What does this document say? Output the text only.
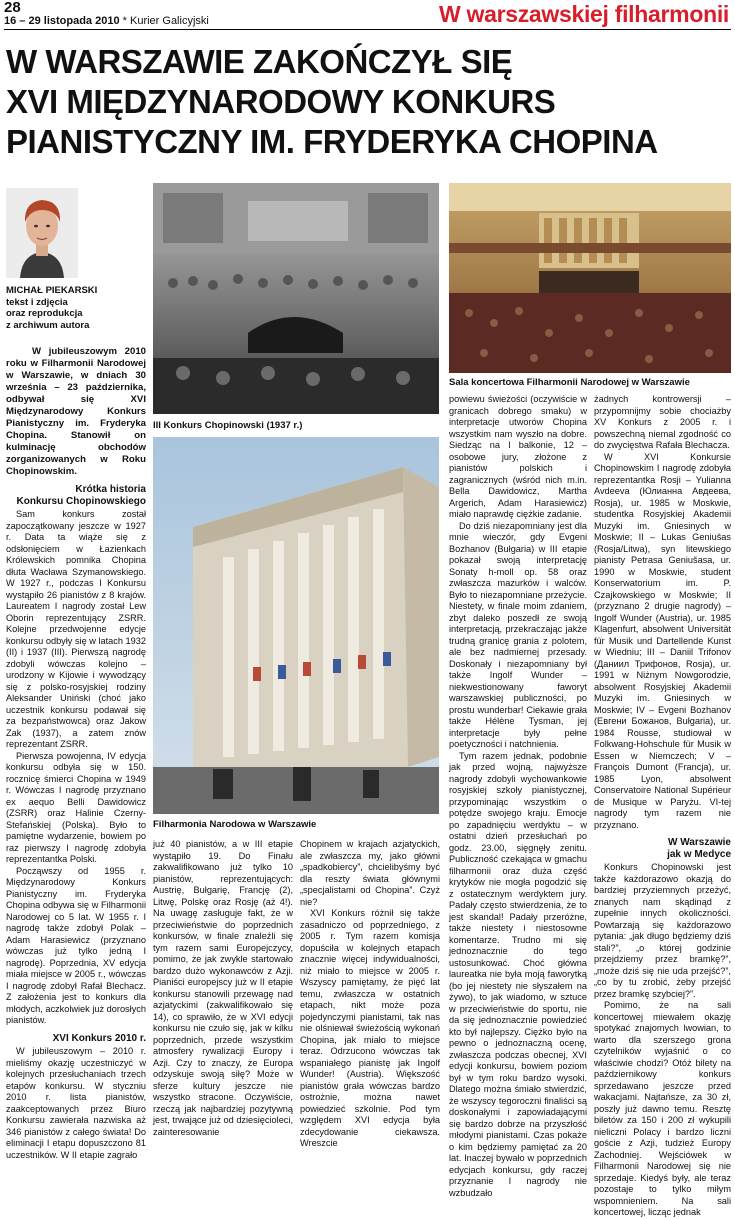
28
16 – 29 listopada 2010 * Kurier Galicyjski	W warszawskiej filharmonii
W WARSZAWIE ZAKOŃCZYŁ SIĘ
XVI MIĘDZYNARODOWY KONKURS
PIANISTYCZNY IM. FRYDERYKA CHOPINA
MICHAŁ PIEKARSKI
tekst i zdjęcia
oraz reprodukcja
z archiwum autora
W jubileuszowym 2010 roku w Filharmonii Narodowej w Warszawie, w dniach 30 września – 23 października, odbywał się XVI Międzynarodowy Konkurs Pianistyczny im. Fryderyka Chopina. Stanowił on kulminację obchodów zorganizowanych w Roku Chopinowskim.
III Konkurs Chopinowski (1937 r.)
Sala koncertowa Filharmonii Narodowej w Warszawie
Filharmonia Narodowa w Warszawie
Krótka historia
Konkursu Chopinowskiego

Sam konkurs został zapoczątkowany jeszcze w 1927 r. Data ta wiąże się z odsłonięciem w Łazienkach Królewskich pomnika Chopina dłuta Wacława Szymanowskiego. W 1927 r., podczas I Konkursu wystąpiło 26 pianistów z 8 krajów. Laureatem I nagrody został Lew Oborin reprezentujący ZSRR. Kolejne przedwojenne edycje konkursu odbyły się w latach 1932 (II) i 1937 (III). Pierwszą nagrodę zdobyli wówczas kolejno – urodzony w Kijowie i wywodzący się z polsko-rosyjskiej rodziny Aleksander Uniński (choć jako uczestnik konkursu podawał się za bezpaństwowca) oraz Jakow Zak (1937), a zatem znów reprezentant ZSRR.

Pierwsza powojenna, IV edycja konkursu odbyła się w 150. rocznicę śmierci Chopina w 1949 r. Wówczas I nagrodę przyznano ex aequo Belli Dawidowicz (ZSRR) oraz Halinie Czerny-Stefańskiej (Polska). Było to pamiętne wydarzenie, bowiem po raz pierwszy I nagrodę zdobyła reprezentantka Polski.

Począwszy od 1955 r. Międzynarodowy Konkurs Pianistyczny im. Fryderyka Chopina odbywa się w Filharmonii Narodowej co 5 lat. W 1955 r. I nagrodę także zdobył Polak – Adam Harasiewicz (przyznano wówczas już tylko jedną I nagrodę). Poprzednia, XV edycja miała miejsce w 2005 r., wówczas I nagrodę zdobył Rafał Blechacz. Z założenia jest to konkurs dla młodych, aczkolwiek już dorosłych pianistów.

XVI Konkurs 2010 r.

W jubileuszowym – 2010 r. mieliśmy okazję uczestniczyć w kolejnych przesłuchaniach trzech etapów konkursu. W styczniu 2010 r. lista pianistów, zaakceptowanych przez Biuro Konkursu zawierała nazwiska aż 346 pianistów z całego świata! Do eliminacji I etapu dopuszczono 81 uczestników. W II etapie zagrało

już 40 pianistów, a w III etapie wystąpiło 19. Do Finału zakwalifikowano już tylko 10 pianistów, reprezentujących: Austrię, Bułgarię, Francję (2), Litwę, Polskę oraz Rosję (aż 4!). Na uwagę zasługuje fakt, że w przeciwieństwie do poprzednich konkursów, w finale znaleźli się tym razem sami Europejczycy, pomimo, że jak zwykle startowało bardzo dużo wykonawców z Azji. Pianiści europejscy już w II etapie konkursu stanowili przewagę nad azjatyckimi (zakwalifikowało się 14), co sprawiło, że w XVI edycji konkursu nie czuło się, jak w kilku poprzednich, przede wszystkim atmosfery rywalizacji Europy i Azji. Czy to znaczy, że Europa odzyskuje swoją siłę? Może w sferze kultury jeszcze nie wszystko stracone. Oczywiście, rzeczą jak najbardziej pozytywną jest, trwające już od dziesięcioleci, zainteresowanie

Chopinem w krajach azjatyckich, ale zwłaszcza my, jako główni „spadkobiercy”, chcielibyśmy być dla reszty świata głównymi „specjalistami od Chopina”. Czyż nie?

XVI Konkurs różnił się także zasadniczo od poprzedniego, z 2005 r. Tym razem komisja dopuściła w kolejnych etapach znacznie więcej indywidualności, niż miało to miejsce w 2005 r. Wszyscy pamiętamy, że pięć lat temu, zwłaszcza w ostatnich etapach, nikt może poza pojedynczymi pianistami, tak nas nie olśniewał świeżością wykonań Chopina, jak miało to miejsce teraz. Odrzucono wówczas tak wspaniałego pianistę jak Ingolf Wunder! (Austria). Większość pianistów grała wówczas bardzo ostrożnie, można nawet powiedzieć szkolnie. Pod tym względem XVI edycja była zdecydowanie ciekawsza. Wreszcie

powiewu świeżości (oczywiście w granicach dobrego smaku) w interpretacje utworów Chopina wszystkim nam wyszło na dobre. Siedząc na I balkonie, 12 – osobowe jury, złożone z pianistów polskich i zagranicznych (wśród nich m.in. Bella Dawidowicz, Martha Argerich, Adam Harasiewicz) miało naprawdę ciężkie zadanie.

Do dziś niezapomniany jest dla mnie wieczór, gdy Evgeni Bozhanov (Bułgaria) w III etapie pokazał swoją interpretację Sonaty h-moll op. 58 oraz zwłaszcza mazurków i walców. Było to niezapomniane przeżycie. Niestety, w finale moim zdaniem, zbyt daleko poszedł ze swoją interpretacją, przekraczając jakże trudną granicę grania z polotem, ale bez nadmiernej przesady. Doskonały i niezapomniany był także Ingolf Wunder – niekwestionowany faworyt warszawskiej publiczności, po prostu wunderbar! Ciekawie grała także Hélène Tysman, jej interpretacje były pełne poetyczności i natchnienia.

Tym razem jednak, podobnie jak przed wojną, najwyższe nagrody zdobyli wychowankowie rosyjskiej szkoły pianistycznej, przypominając wszystkim o potędze swojego kraju. Emocje po zapadnięciu werdyktu – w ostatni dzień przesłuchań po godz. 23.00, sięgnęły zenitu. Publiczność czekająca w gmachu filharmonii oraz duża część krytyków nie mogła pogodzić się z ostatecznym werdyktem jury. Padały często stwierdzenia, że to jest skandal! Padały przeróżne, także niestety i niestosowne komentarze. Trudno mi się jednoznacznie do tego ustosunkować. Choć główna laureatka nie była moją faworytką (bo jej niestety nie słyszałem na żywo), to jak wiadomo, w sztuce w przeciwieństwie do sportu, nie da się jednoznacznie powiedzieć kto był najlepszy. Ciężko było na pewno o jednoznaczną ocenę, zwłaszcza podczas obecnej, XVI edycji konkursu, bowiem poziom był w tym roku bardzo wysoki. Dlatego można śmiało stwierdzić, że wszyscy tegoroczni finaliści są doskonałymi i zapowiadającymi się bardzo dobrze na przyszłość młodymi pianistami. Czas pokaże o kim będziemy pamiętać za 20 lat. Inaczej bywało w poprzednich edycjach konkursu, gdy raczej przyznanie I nagrody nie wzbudzało

żadnych kontrowersji – przypomnijmy sobie chociażby XV Konkurs z 2005 r. i powszechną niemal zgodność co do zwycięstwa Rafała Blechacza.

W XVI Konkursie Chopinowskim I nagrodę zdobyła reprezentantka Rosji – Yulianna Avdeeva (Юлианна Авдеева, Rosja), ur. 1985 w Moskwie, studentka Rosyjskiej Akademii Muzyki im. Gniesinych w Moskwie; II – Lukas Geniušas (Rosja/Litwa), syn litewskiego pianisty Petrasa Geniušasa, ur. 1990 w Moskwie, student Konserwatorium im. P. Czajkowskiego w Moskwie; II (przyznano 2 drugie nagrody) – Ingolf Wunder (Austria), ur. 1985 Klagenfurt, absolwent Universität für Musik und Dartellende Kunst w Wiedniu; III – Daniil Trifonov (Даниил Трифонов, Rosja), ur. 1991 w Niżnym Nowgorodzie, absolwent Rosyjskiej Akademii Muzyki im. Gniesinych w Moskwie; IV – Evgeni Bozhanov (Евгени Божанов, Bułgaria), ur. 1984 Rousse, studiował w Folkwang-Hohschule für Musik w Essen w Niemczech; V – François Dumont (Francja), ur. 1985 Lyon, absolwent Conservatoire National Supérieur de Musique w Paryżu. VI-tej nagrody tym razem nie przyznano.

W Warszawie
jak w Medyce

Konkurs Chopinowski jest także każdorazowo okazją do bardziej przyziemnych przeżyć, znanych nam skądinąd z zupełnie innych okoliczności. Powtarzają się każdorazowo pytania: „jak długo będziemy dziś stali?”, „o której godzinie przejdziemy przez bramkę?”, „może dziś się nie uda przejść?”, „co by tu zrobić, żeby przejść przez bramkę szybciej?”.

Pomimo, że na sali koncertowej miewałem okazję spotykać znajomych lwowian, to warto dla szerszego grona czytelników wyjaśnić o co właściwie chodzi? Otóż bilety na październikowy konkurs sprzedawano jeszcze przed wakacjami. Najtańsze, za 30 zł, poszły już dawno temu. Resztę biletów za 150 i 200 zł wykupili nieliczni Polacy i bardzo liczni goście z Azji, tudzież Europy Zachodniej. Wejściówek w Filharmonii Narodowej się nie sprzedaje. Kiedyś były, ale teraz pozostaje to tylko miłym wspomnieniem. Na sali koncertowej, licząc jednak
